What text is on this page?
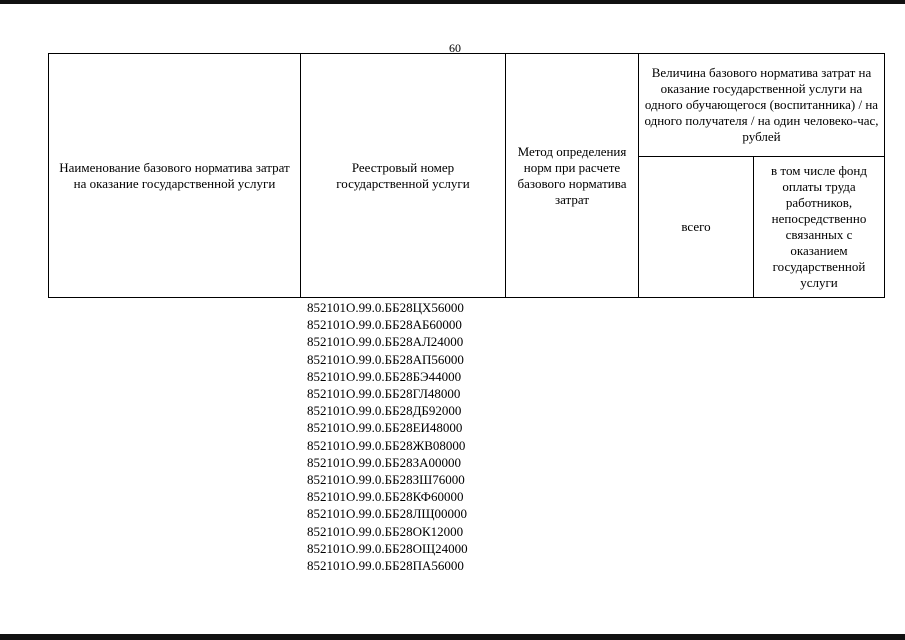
60
Наименование базового норматива затрат на оказание государственной услуги
Реестровый номер государственной услуги
Метод определения норм при расчете базового норматива затрат
Величина базового норматива затрат на оказание государственной услуги на одного обучающегося (воспитанника) / на одного получателя / на один человеко-час, рублей
всего
в том числе фонд оплаты труда работников, непосредственно связанных с оказанием государственной услуги
852101О.99.0.ББ28ЦХ56000
852101О.99.0.ББ28АБ60000
852101О.99.0.ББ28АЛ24000
852101О.99.0.ББ28АП56000
852101О.99.0.ББ28БЭ44000
852101О.99.0.ББ28ГЛ48000
852101О.99.0.ББ28ДБ92000
852101О.99.0.ББ28ЕИ48000
852101О.99.0.ББ28ЖВ08000
852101О.99.0.ББ28ЗА00000
852101О.99.0.ББ28ЗШ76000
852101О.99.0.ББ28КФ60000
852101О.99.0.ББ28ЛЩ00000
852101О.99.0.ББ28ОК12000
852101О.99.0.ББ28ОЩ24000
852101О.99.0.ББ28ПА56000
